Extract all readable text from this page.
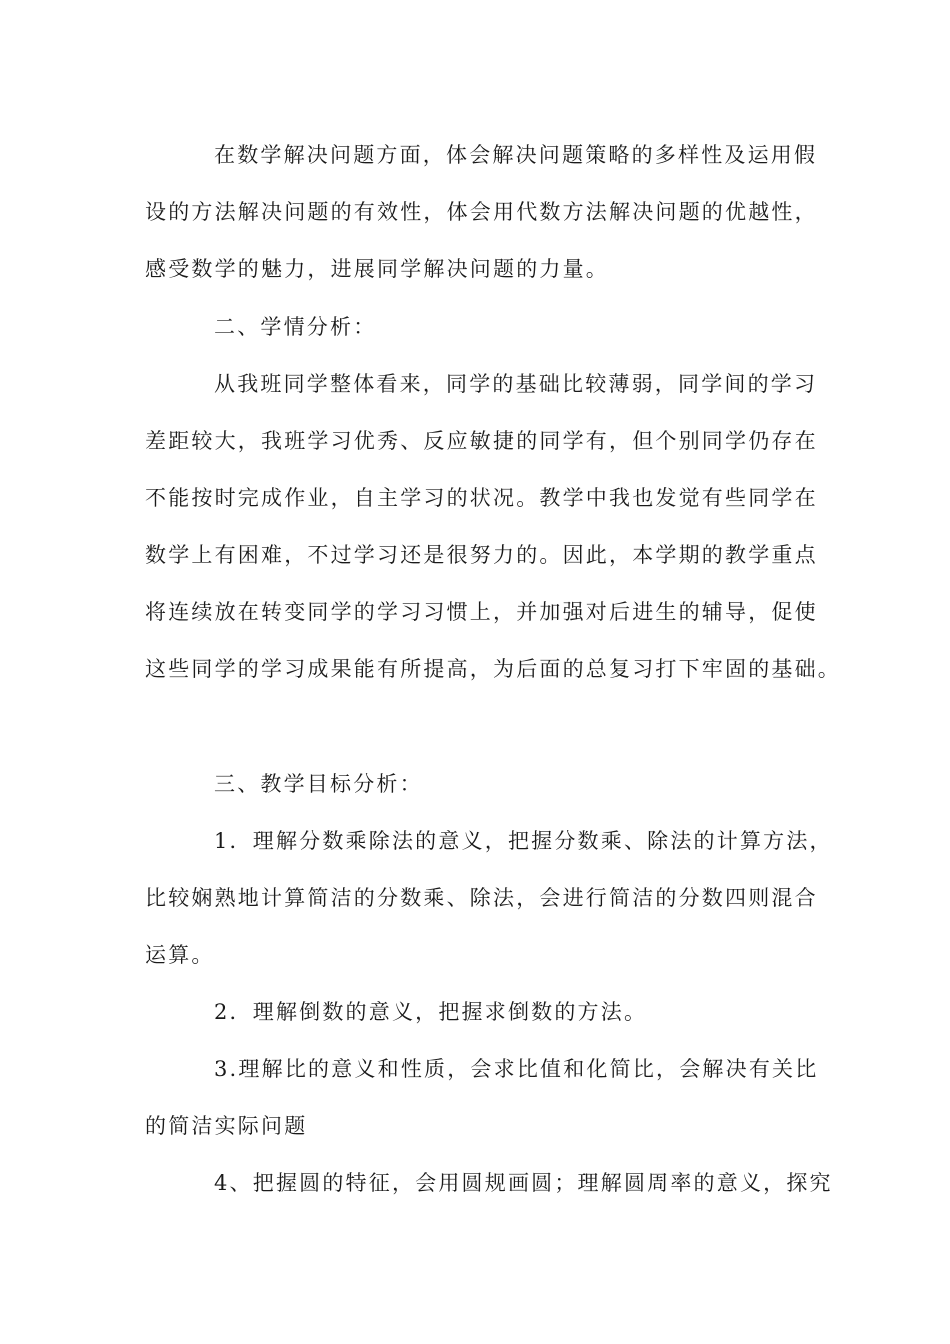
在数学解决问题方面，体会解决问题策略的多样性及运用假
设的方法解决问题的有效性，体会用代数方法解决问题的优越性，
感受数学的魅力，进展同学解决问题的力量。
二、学情分析：
从我班同学整体看来，同学的基础比较薄弱，同学间的学习
差距较大，我班学习优秀、反应敏捷的同学有，但个别同学仍存在
不能按时完成作业，自主学习的状况。教学中我也发觉有些同学在
数学上有困难，不过学习还是很努力的。因此，本学期的教学重点
将连续放在转变同学的学习习惯上，并加强对后进生的辅导，促使
这些同学的学习成果能有所提高，为后面的总复习打下牢固的基础。
三、教学目标分析：
1．理解分数乘除法的意义，把握分数乘、除法的计算方法，
比较娴熟地计算简洁的分数乘、除法，会进行简洁的分数四则混合
运算。
2．理解倒数的意义，把握求倒数的方法。
3.理解比的意义和性质，会求比值和化简比，会解决有关比
的简洁实际问题
4、把握圆的特征，会用圆规画圆；理解圆周率的意义，探究
